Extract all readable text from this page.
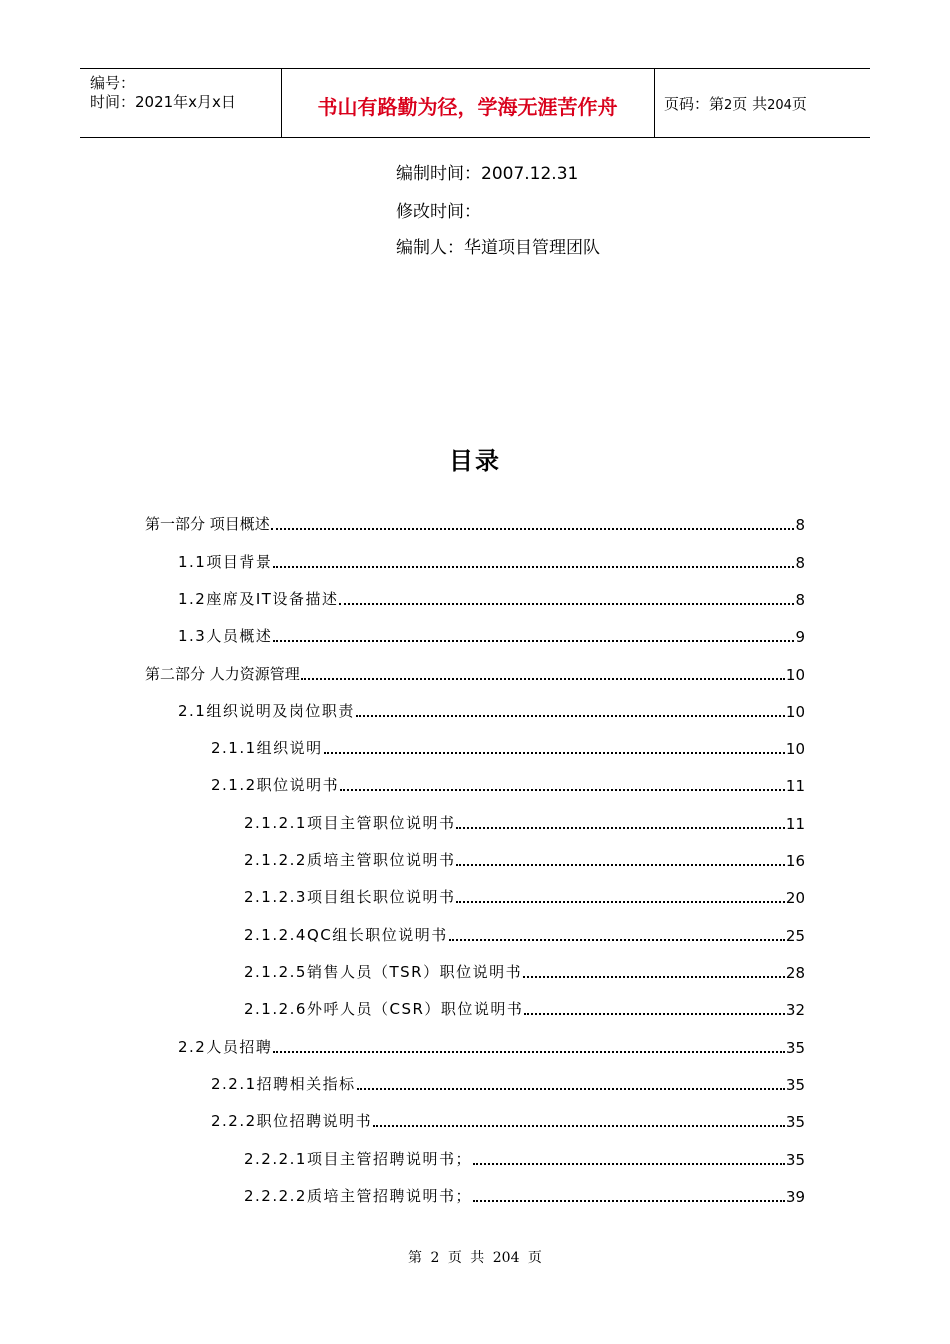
编号：
时间：2021年x月x日	书山有路勤为径，学海无涯苦作舟	页码：第2页 共204页
编制时间：2007.12.31
修改时间：
编制人：华道项目管理团队
目录
第一部分 项目概述	8
1.1项目背景	8
1.2座席及IT设备描述	8
1.3人员概述	9
第二部分 人力资源管理	10
2.1组织说明及岗位职责	10
2.1.1组织说明	10
2.1.2职位说明书	11
2.1.2.1项目主管职位说明书	11
2.1.2.2质培主管职位说明书	16
2.1.2.3项目组长职位说明书	20
2.1.2.4QC组长职位说明书	25
2.1.2.5销售人员（TSR）职位说明书	28
2.1.2.6外呼人员（CSR）职位说明书	32
2.2人员招聘	35
2.2.1招聘相关指标	35
2.2.2职位招聘说明书	35
2.2.2.1项目主管招聘说明书；	35
2.2.2.2质培主管招聘说明书；	39
第 2 页 共 204 页
